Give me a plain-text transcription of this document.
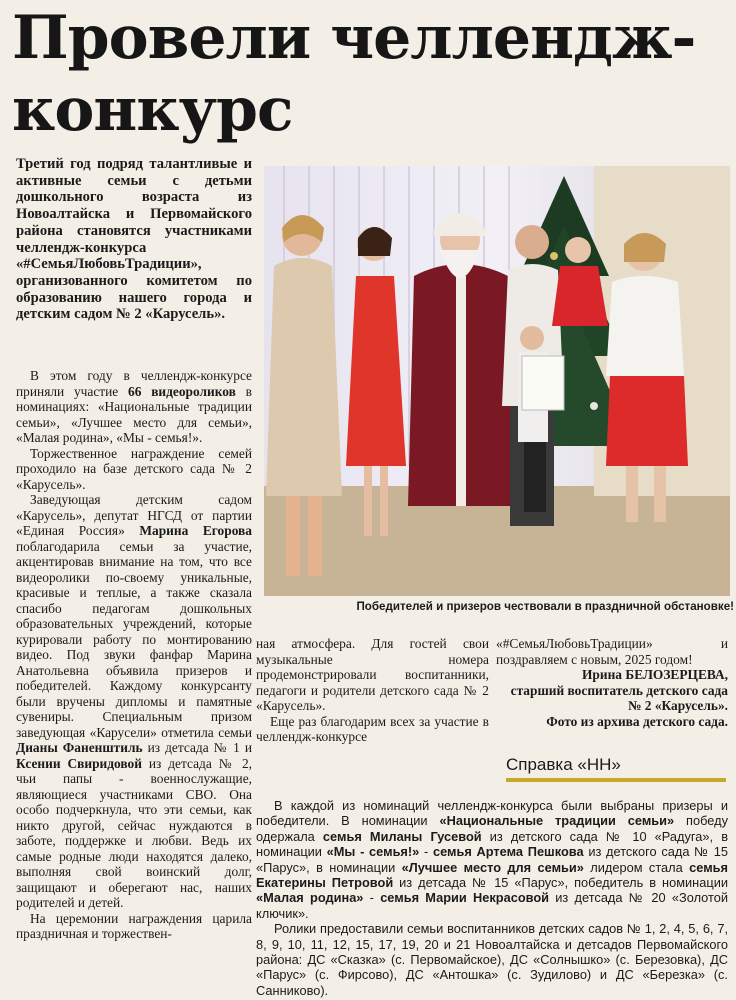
Провели челлендж-конкурс
Третий год подряд талантливые и активные семьи с детьми дошкольного возраста из Новоалтайска и Первомайского района становятся участниками челлендж-конкурса «#СемьяЛюбовьТрадиции», организованного комитетом по образованию нашего города и детским садом № 2 «Карусель».

В этом году в челлендж-конкурсе приняли участие 66 видеороликов в номинациях: «Национальные традиции семьи», «Лучшее место для семьи», «Малая родина», «Мы - семья!».

Торжественное награждение семей проходило на базе детского сада № 2 «Карусель».

Заведующая детским садом «Карусель», депутат НГСД от партии «Единая Россия» Марина Егорова поблагодарила семьи за участие, акцентировав внимание на том, что все видеоролики по-своему уникальные, красивые и теплые, а также сказала спасибо педагогам дошкольных образовательных учреждений, которые курировали работу по монтированию видео. Под звуки фанфар Марина Анатольевна объявила призеров и победителей. Каждому конкурсанту были вручены дипломы и памятные сувениры. Специальным призом заведующая «Карусели» отметила семьи Дианы Фаненштиль из детсада № 1 и Ксении Свиридовой из детсада № 2, чьи папы - военнослужащие, являющиеся участниками СВО. Она особо подчеркнула, что эти семьи, как никто другой, сейчас нуждаются в заботе, поддержке и любви. Ведь их самые родные люди находятся далеко, выполняя свой воинский долг, защищают и оберегают нас, наших родителей и детей.

На церемонии награждения царила праздничная и торжествен-

Победителей и призеров чествовали в праздничной обстановке!

ная атмосфера. Для гостей свои музыкальные номера продемонстрировали воспитанники, педагоги и родители детского сада № 2 «Карусель».

Еще раз благодарим всех за участие в челлендж-конкурсе

«#СемьяЛюбовьТрадиции» и поздравляем с новым, 2025 годом!

Ирина БЕЛОЗЕРЦЕВА,

старший воспитатель детского сада № 2 «Карусель».

Фото из архива детского сада.

Справка «НН»

В каждой из номинаций челлендж-конкурса были выбраны призеры и победители. В номинации «Национальные традиции семьи» победу одержала семья Миланы Гусевой из детского сада № 10 «Радуга», в номинации «Мы - семья!» - семья Артема Пешкова из детского сада № 15 «Парус», в номинации «Лучшее место для семьи» лидером стала семья Екатерины Петровой из детсада № 15 «Парус», победитель в номинации «Малая родина» - семья Марии Некрасовой из детсада № 20 «Золотой ключик».

Ролики предоставили семьи воспитанников детских садов № 1, 2, 4, 5, 6, 7, 8, 9, 10, 11, 12, 15, 17, 19, 20 и 21 Новоалтайска и детсадов Первомайского района: ДС «Сказка» (с. Первомайское), ДС «Солнышко» (с. Березовка), ДС «Парус» (с. Фирсово), ДС «Антошка» (с. Зудилово) и ДС «Березка» (с. Санниково).
